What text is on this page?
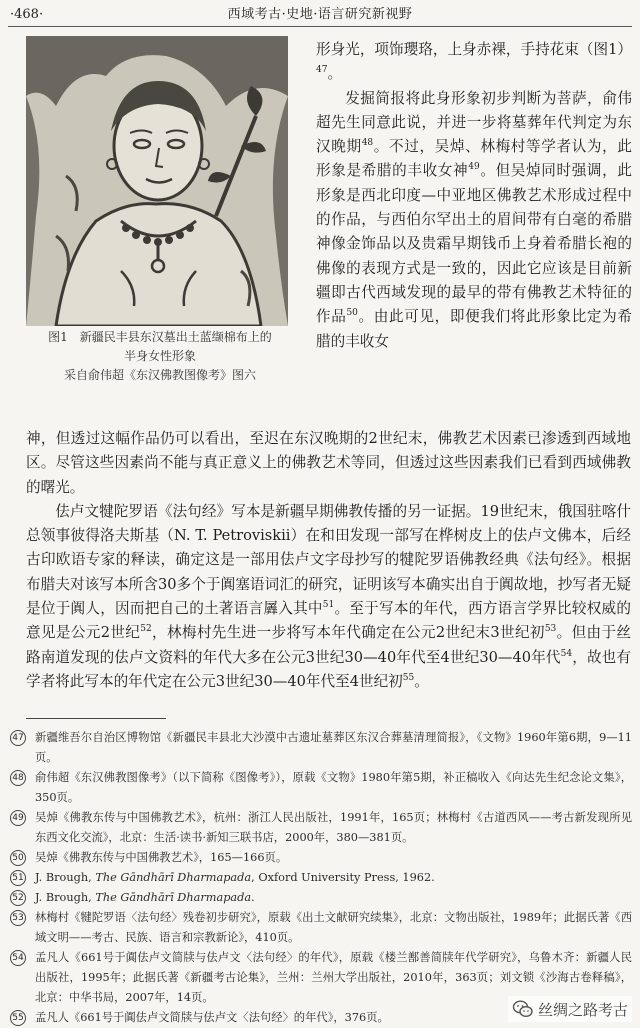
·468·	西域考古·史地·语言研究新视野
图1　新疆民丰县东汉墓出土蓝缬棉布上的
半身女性形象
采自俞伟超《东汉佛教图像考》图六

形身光，项饰瓔珞，上身赤裸，手持花束（图1）$^{47}$。

发掘简报将此身形象初步判断为菩萨，俞伟超先生同意此说，并进一步将墓葬年代判定为东汉晚期$^{48}$。不过，吴焯、林梅村等学者认为，此形象是希腊的丰收女神$^{49}$。但吴焯同时强调，此形象是西北印度—中亚地区佛教艺术形成过程中的作品，与西伯尔罕出土的眉间带有白毫的希腊神像金饰品以及贵霜早期钱币上身着希腊长袍的佛像的表现方式是一致的，因此它应该是目前新疆即古代西域发现的最早的带有佛教艺术特征的作品$^{50}$。由此可见，即便我们将此形象比定为希腊的丰收女

神，但透过这幅作品仍可以看出，至迟在东汉晚期的2世纪末，佛教艺术因素已渗透到西域地区。尽管这些因素尚不能与真正意义上的佛教艺术等同，但透过这些因素我们已看到西域佛教的曙光。

佉卢文犍陀罗语《法句经》写本是新疆早期佛教传播的另一证据。19世纪末，俄国驻喀什总领事彼得洛夫斯基（N. T. Petroviskii）在和田发现一部写在桦树皮上的佉卢文佛本，后经古印欧语专家的释读，确定这是一部用佉卢文字母抄写的犍陀罗语佛教经典《法句经》。根据布腊夫对该写本所含30多个于阗塞语词汇的研究，证明该写本确实出自于阗故地，抄写者无疑是位于阗人，因而把自己的土著语言羼入其中$^{51}$。至于写本的年代，西方语言学界比较权威的意见是公元2世纪$^{52}$，林梅村先生进一步将写本年代确定在公元2世纪末3世纪初$^{53}$。但由于丝路南道发现的佉卢文资料的年代大多在公元3世纪30—40年代至4世纪30—40年代$^{54}$，故也有学者将此写本的年代定在公元3世纪30—40年代至4世纪初$^{55}$。

47 新疆维吾尔自治区博物馆《新疆民丰县北大沙漠中古遗址墓葬区东汉合葬墓清理简报》，《文物》1960年第6期，9—11页。
48 俞伟超《东汉佛教图像考》（以下简称《图像考》），原载《文物》1980年第5期，补正稿收入《向达先生纪念论文集》，350页。
49 吴焯《佛教东传与中国佛教艺术》，杭州：浙江人民出版社，1991年，165页；林梅村《古道西风——考古新发现所见东西文化交流》，北京：生活·读书·新知三联书店，2000年，380—381页。
50 吴焯《佛教东传与中国佛教艺术》，165—166页。
51 J. Brough, The Gāndhārī Dharmapada, Oxford University Press, 1962.
52 J. Brough, The Gāndhārī Dharmapada.
53 林梅村《犍陀罗语〈法句经〉残卷初步研究》，原载《出土文献研究续集》，北京：文物出版社，1989年；此据氏著《西域文明——考古、民族、语言和宗教新论》，410页。
54 孟凡人《661号于阗佉卢文简牍与佉卢文〈法句经〉的年代》，原载《楼兰鄯善简牍年代学研究》，乌鲁木齐：新疆人民出版社，1995年；此据氏著《新疆考古论集》，兰州：兰州大学出版社，2010年，363页；刘文锁《沙海古卷释稿》，北京：中华书局，2007年，14页。
55 孟凡人《661号于阗佉卢文简牍与佉卢文〈法句经〉的年代》，376页。	丝绸之路考古
